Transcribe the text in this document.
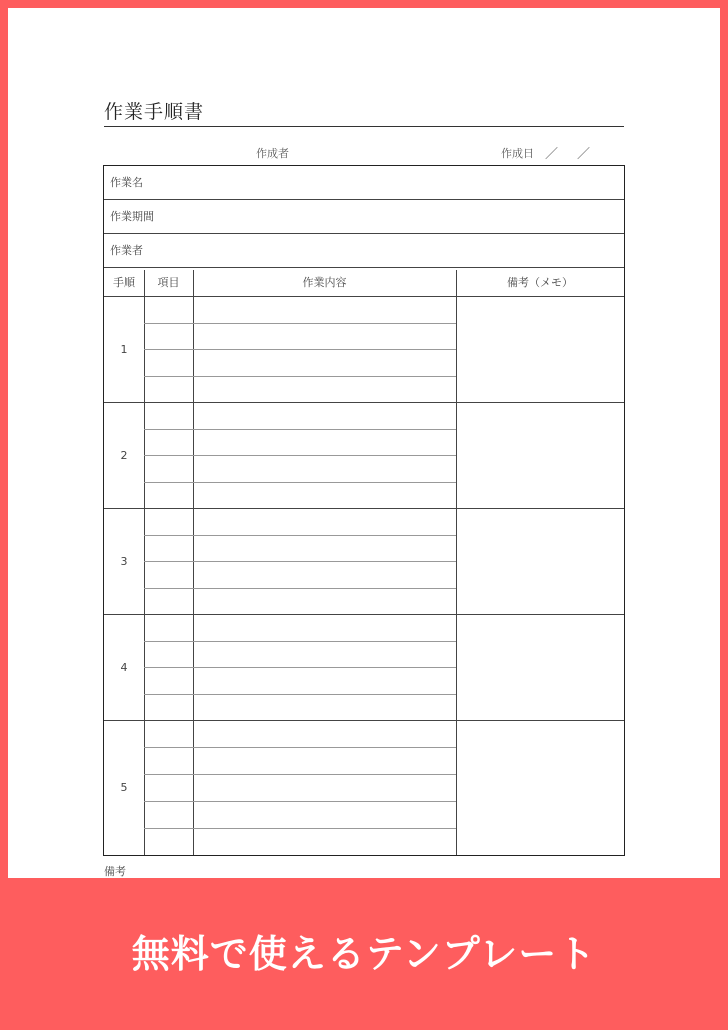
作業手順書
作成者	作成日 ／ ／
作業名
作業期間
作業者
手順	項目	作業内容	備考（メモ）
1
2
3
4
5
備考
無料で使えるテンプレート
